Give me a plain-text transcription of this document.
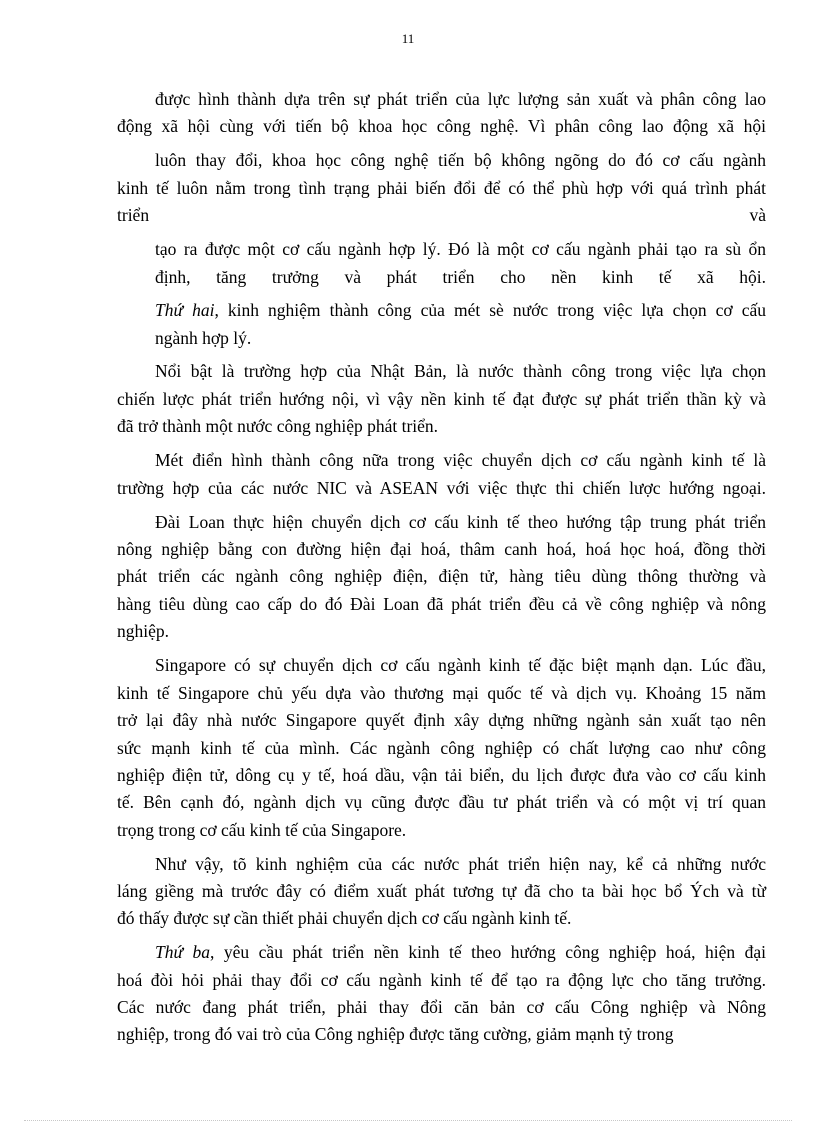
11
được hình thành dựa trên sự phát triển của lực lượng sản xuất và phân công lao
động xã hội cùng với tiến bộ khoa học công nghệ. Vì phân công lao động xã hội
luôn thay đổi, khoa học công nghệ tiến bộ không ngõng do đó cơ cấu ngành
kinh tế luôn nằm trong tình trạng phải biến đổi để có thể phù hợp với quá trình phát
triển	và
tạo ra được một cơ cấu ngành hợp lý. Đó là một cơ cấu ngành phải tạo ra sù ổn
định, tăng trưởng và phát triển cho nền kinh tế xã hội.
Thứ hai, kinh nghiệm thành công của mét sè nước trong việc lựa chọn cơ cấu
ngành hợp lý.
Nổi bật là trường hợp của Nhật Bản, là nước thành công trong việc lựa chọn
chiến lược phát triển hướng nội, vì vậy nền kinh tế đạt được sự phát triển thần kỳ và
đã trở thành một nước công nghiệp phát triển.
Mét điển hình thành công nữa trong việc chuyển dịch cơ cấu ngành kinh tế là
trường hợp của các nước NIC và ASEAN với việc thực thi chiến lược hướng ngoại.
Đài Loan thực hiện chuyển dịch cơ cấu kinh tế theo hướng tập trung phát triển
nông nghiệp bằng con đường hiện đại hoá, thâm canh hoá, hoá học hoá, đồng thời
phát triển các ngành công nghiệp điện, điện tử, hàng tiêu dùng thông thường và
hàng tiêu dùng cao cấp do đó Đài Loan đã phát triển đều cả về công nghiệp và nông
nghiệp.
Singapore có sự chuyển dịch cơ cấu ngành kinh tế đặc biệt mạnh dạn. Lúc đầu,
kinh tế Singapore chủ yếu dựa vào thương mại quốc tế và dịch vụ. Khoảng 15 năm
trở lại đây nhà nước Singapore quyết định xây dựng những ngành sản xuất tạo nên
sức mạnh kinh tế của mình. Các ngành công nghiệp có chất lượng cao như công
nghiệp điện tử, dông cụ y tế, hoá dầu, vận tải biển, du lịch được đưa vào cơ cấu kinh
tế. Bên cạnh đó, ngành dịch vụ cũng được đầu tư phát triển và có một vị trí quan
trọng trong cơ cấu kinh tế của Singapore.
Như vậy, tõ kinh nghiệm của các nước phát triển hiện nay, kể cả những nước
láng giềng mà trước đây có điểm xuất phát tương tự đã cho ta bài học bổ Ých và từ
đó thấy được sự cần thiết phải chuyển dịch cơ cấu ngành kinh tế.
Thứ ba, yêu cầu phát triển nền kinh tế theo hướng công nghiệp hoá, hiện đại
hoá đòi hỏi phải thay đổi cơ cấu ngành kinh tế để tạo ra động lực cho tăng trưởng.
Các nước đang phát triển, phải thay đổi căn bản cơ cấu Công nghiệp và Nông
nghiệp, trong đó vai trò của Công nghiệp được tăng cường, giảm mạnh tỷ trong
